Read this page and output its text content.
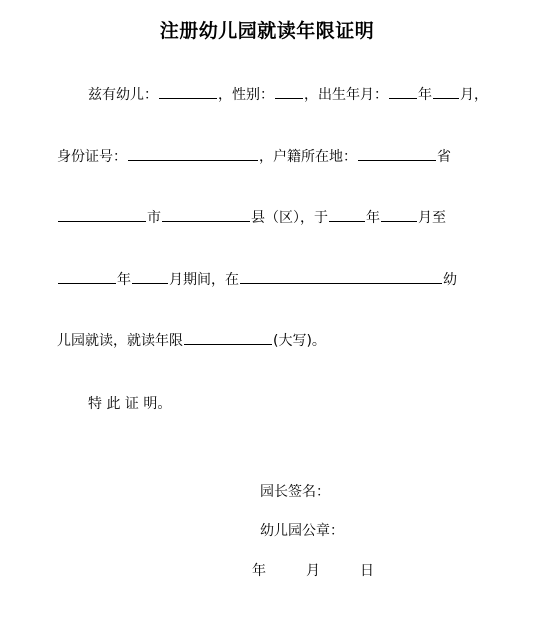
注册幼儿园就读年限证明
兹有幼儿：	，性别： ，出生年月： 年 月，
身份证号：	，户籍所在地：	省
市	县（区），于	年	月至
年	月期间，在	幼
儿园就读，就读年限	(大写)。
特 此 证 明。
园长签名：
幼儿园公章：
年	月	日
